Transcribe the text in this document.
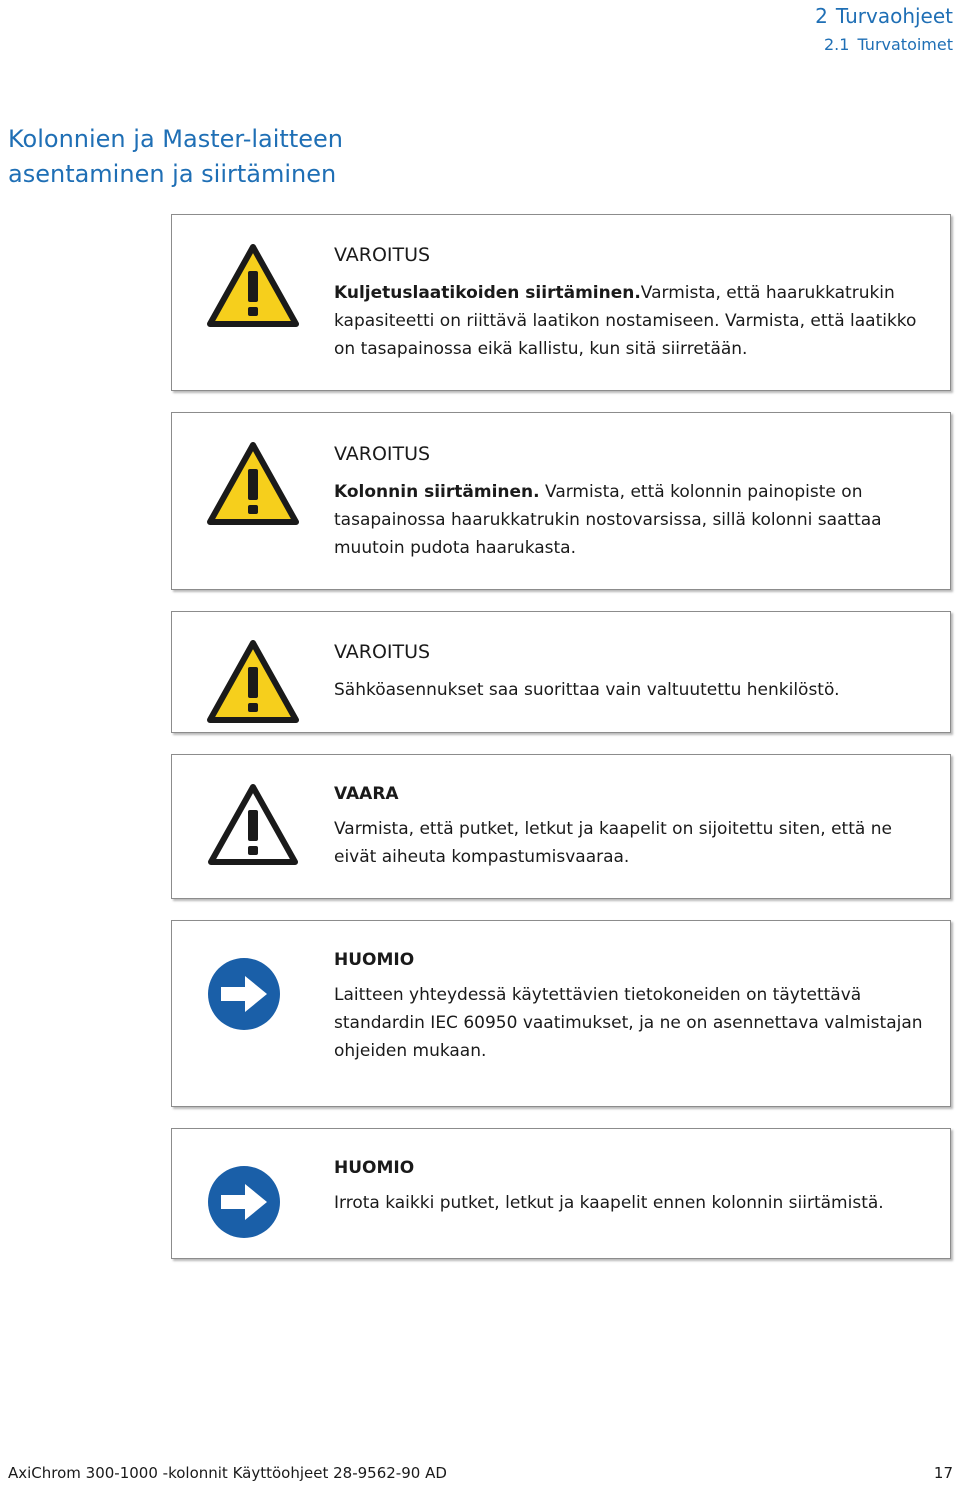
2 Turvaohjeet
2.1 Turvatoimet
Kolonnien ja Master-laitteen asentaminen ja siirtäminen
VAROITUS

Kuljetuslaatikoiden siirtäminen.Varmista, että haarukkatrukin kapasiteetti on riittävä laatikon nostamiseen. Varmista, että laatikko on tasapainossa eikä kallistu, kun sitä siirretään.

VAROITUS

Kolonnin siirtäminen. Varmista, että kolonnin painopiste on tasapainossa haarukkatrukin nostovarsissa, sillä kolonni saattaa muutoin pudota haarukasta.

VAROITUS

Sähköasennukset saa suorittaa vain valtuutettu henkilöstö.

VAARA

Varmista, että putket, letkut ja kaapelit on sijoitettu siten, että ne eivät aiheuta kompastumisvaaraa.

HUOMIO

Laitteen yhteydessä käytettävien tietokoneiden on täytettävä standardin IEC 60950 vaatimukset, ja ne on asennettava valmistajan ohjeiden mukaan.

HUOMIO

Irrota kaikki putket, letkut ja kaapelit ennen kolonnin siirtämistä.

AxiChrom 300-1000 -kolonnit Käyttöohjeet 28-9562-90 AD	17
